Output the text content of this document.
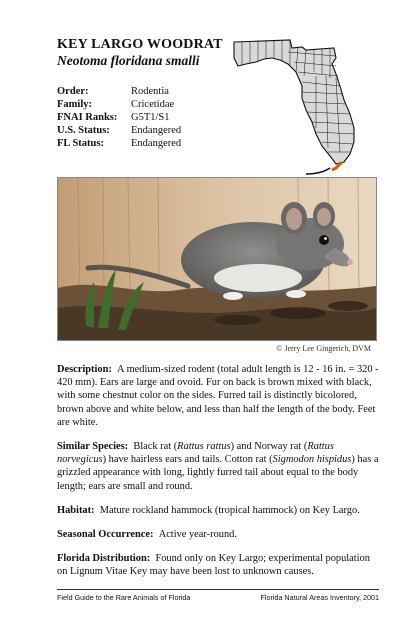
KEY LARGO WOODRAT
Neotoma floridana smalli
Order:	Rodentia
Family:	Cricetidae
FNAI Ranks:	G5T1/S1
U.S. Status:	Endangered
FL Status:	Endangered
© Jerry Lee Gingerich, DVM

Description: A medium-sized rodent (total adult length is 12 - 16 in. = 320 - 420 mm). Ears are large and ovoid. Fur on back is brown mixed with black, with some chestnut color on the sides. Furred tail is distinctly bicolored, brown above and white below, and less than half the length of the body. Feet are white.

Similar Species: Black rat (Rattus rattus) and Norway rat (Rattus norvegicus) have hairless ears and tails. Cotton rat (Sigmodon hispidus) has a grizzled appearance with long, lightly furred tail about equal to the body length; ears are small and round.

Habitat: Mature rockland hammock (tropical hammock) on Key Largo.

Seasonal Occurrence: Active year-round.

Florida Distribution: Found only on Key Largo; experimental population on Lignum Vitae Key may have been lost to unknown causes.

Field Guide to the Rare Animals of Florida	Florida Natural Areas Inventory, 2001
